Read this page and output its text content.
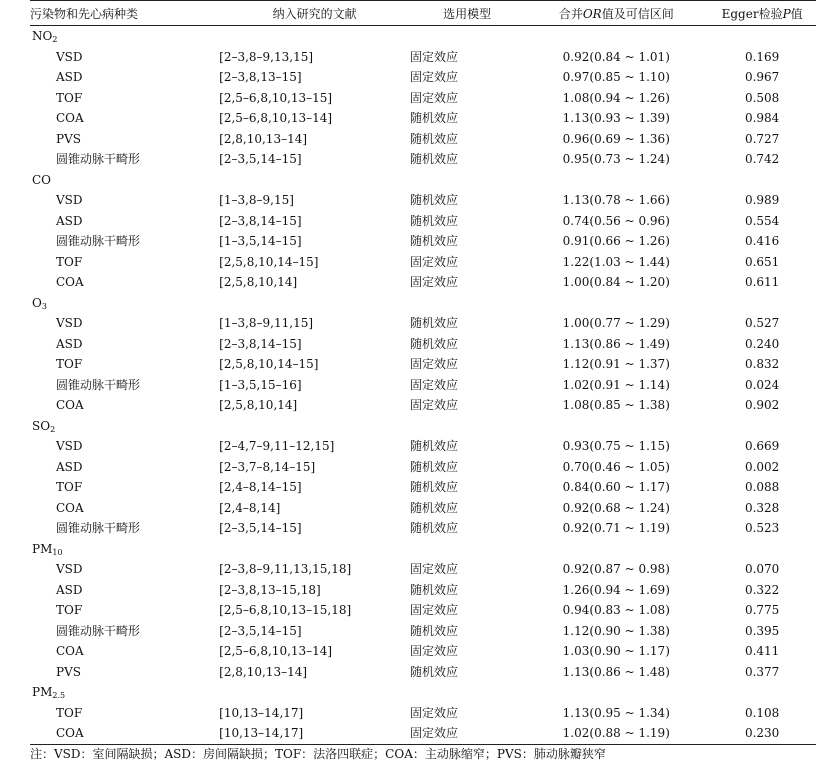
污染物和先心病种类	纳入研究的文献	选用模型	合并OR值及可信区间	Egger检验P值
$NO_2$				
VSD	[2–3,8–9,13,15]	固定效应	0.92(0.84 ~ 1.01)	0.169
ASD	[2–3,8,13–15]	固定效应	0.97(0.85 ~ 1.10)	0.967
TOF	[2,5–6,8,10,13–15]	固定效应	1.08(0.94 ~ 1.26)	0.508
COA	[2,5–6,8,10,13–14]	随机效应	1.13(0.93 ~ 1.39)	0.984
PVS	[2,8,10,13–14]	随机效应	0.96(0.69 ~ 1.36)	0.727
圆锥动脉干畸形	[2–3,5,14–15]	随机效应	0.95(0.73 ~ 1.24)	0.742
CO				
VSD	[1–3,8–9,15]	随机效应	1.13(0.78 ~ 1.66)	0.989
ASD	[2–3,8,14–15]	随机效应	0.74(0.56 ~ 0.96)	0.554
圆锥动脉干畸形	[1–3,5,14–15]	随机效应	0.91(0.66 ~ 1.26)	0.416
TOF	[2,5,8,10,14–15]	固定效应	1.22(1.03 ~ 1.44)	0.651
COA	[2,5,8,10,14]	固定效应	1.00(0.84 ~ 1.20)	0.611
$O_3$				
VSD	[1–3,8–9,11,15]	随机效应	1.00(0.77 ~ 1.29)	0.527
ASD	[2–3,8,14–15]	随机效应	1.13(0.86 ~ 1.49)	0.240
TOF	[2,5,8,10,14–15]	固定效应	1.12(0.91 ~ 1.37)	0.832
圆锥动脉干畸形	[1–3,5,15–16]	固定效应	1.02(0.91 ~ 1.14)	0.024
COA	[2,5,8,10,14]	固定效应	1.08(0.85 ~ 1.38)	0.902
$SO_2$				
VSD	[2–4,7–9,11–12,15]	随机效应	0.93(0.75 ~ 1.15)	0.669
ASD	[2–3,7–8,14–15]	随机效应	0.70(0.46 ~ 1.05)	0.002
TOF	[2,4–8,14–15]	随机效应	0.84(0.60 ~ 1.17)	0.088
COA	[2,4–8,14]	随机效应	0.92(0.68 ~ 1.24)	0.328
圆锥动脉干畸形	[2–3,5,14–15]	随机效应	0.92(0.71 ~ 1.19)	0.523
$PM_{10}$				
VSD	[2–3,8–9,11,13,15,18]	固定效应	0.92(0.87 ~ 0.98)	0.070
ASD	[2–3,8,13–15,18]	随机效应	1.26(0.94 ~ 1.69)	0.322
TOF	[2,5–6,8,10,13–15,18]	固定效应	0.94(0.83 ~ 1.08)	0.775
圆锥动脉干畸形	[2–3,5,14–15]	随机效应	1.12(0.90 ~ 1.38)	0.395
COA	[2,5–6,8,10,13–14]	固定效应	1.03(0.90 ~ 1.17)	0.411
PVS	[2,8,10,13–14]	随机效应	1.13(0.86 ~ 1.48)	0.377
$PM_{2.5}$				
TOF	[10,13–14,17]	固定效应	1.13(0.95 ~ 1.34)	0.108
COA	[10,13–14,17]	固定效应	1.02(0.88 ~ 1.19)	0.230
注：VSD：室间隔缺损；ASD：房间隔缺损；TOF：法洛四联症；COA：主动脉缩窄；PVS：肺动脉瓣狭窄
